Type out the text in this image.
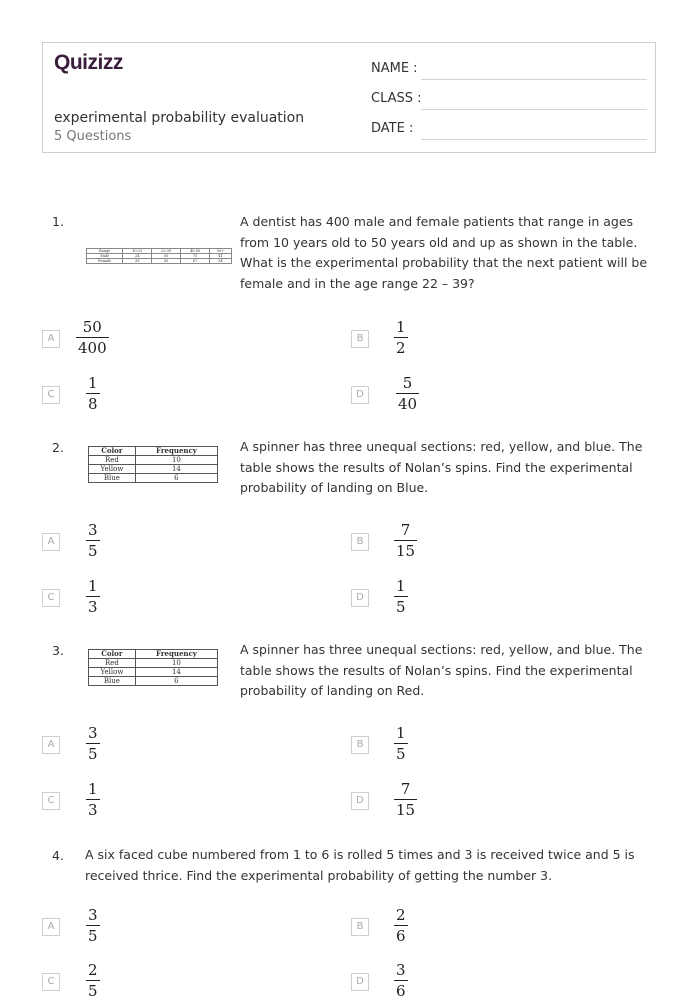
Quizizz
experimental probability evaluation
5 Questions
NAME :
CLASS :
DATE :
1.
Range	10-21	22-39	40-50	50+
Male	24	50	75	41
Female	39	50	67	54
A dentist has 400 male and female patients that range in ages from 10 years old to 50 years old and up as shown in the table. What is the experimental probability that the next patient will be female and in the age range 22 – 39?
A
50
400
B
1
2
C
1
8
D
5
40
2.	Color	Frequency
Red	10
Yellow	14
Blue	6
A spinner has three unequal sections: red, yellow, and blue. The table shows the results of Nolan’s spins. Find the experimental probability of landing on Blue.
A
3
5
B
7
15
C
1
3
D
1
5
3.	Color	Frequency
Red	10
Yellow	14
Blue	6
A spinner has three unequal sections: red, yellow, and blue. The table shows the results of Nolan’s spins. Find the experimental probability of landing on Red.
A
3
5
B
1
5
C
1
3
D
7
15
4. A six faced cube numbered from 1 to 6 is rolled 5 times and 3 is received twice and 5 is received thrice. Find the experimental probability of getting the number 3.
A
3
5
B
2
6
C
2
5
D
3
6
